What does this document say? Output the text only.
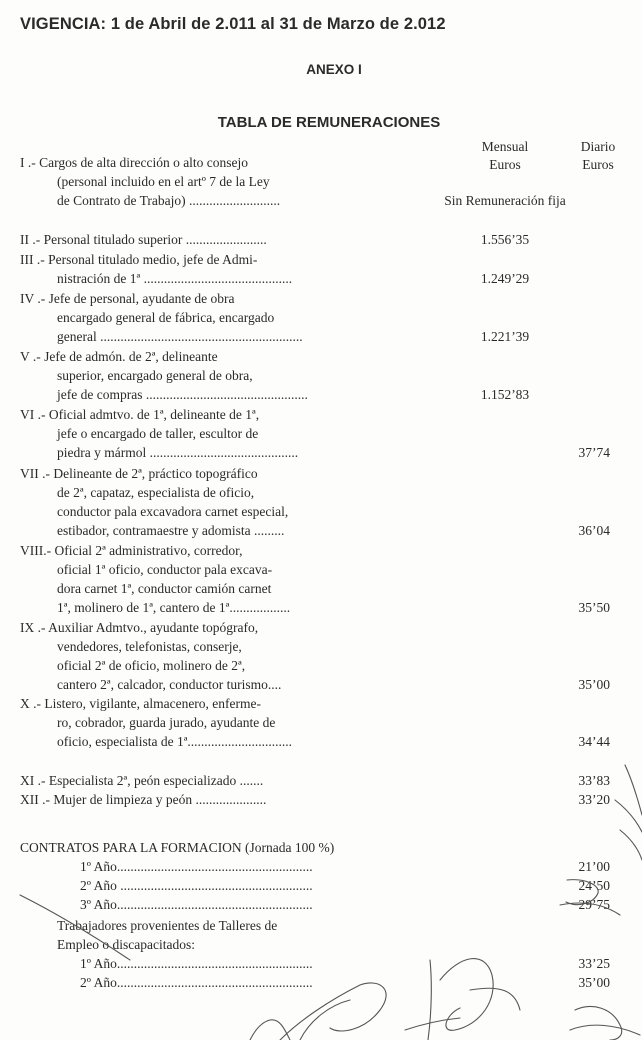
VIGENCIA: 1 de Abril de 2.011 al 31 de Marzo de 2.012
ANEXO I
TABLA DE REMUNERACIONES
Mensual
Euros
Diario
Euros
I .- Cargos de alta dirección o alto consejo
(personal incluido en el artº 7 de la Ley
de Contrato de Trabajo) ...........................	Sin Remuneración fija
II .- Personal titulado superior ........................	1.556’35
III .- Personal titulado medio, jefe de Admi-
nistración de 1ª ............................................	1.249’29
IV .- Jefe de personal, ayudante de obra
encargado general de fábrica, encargado
general ............................................................	1.221’39
V .- Jefe de admón. de 2ª, delineante
superior, encargado general de obra,
jefe de compras ................................................	1.152’83
VI .- Oficial admtvo. de 1ª, delineante de 1ª,
jefe o encargado de taller, escultor de
piedra y mármol ............................................	37’74
VII .- Delineante de 2ª, práctico topográfico
de 2ª, capataz, especialista de oficio,
conductor pala excavadora carnet especial,
estibador, contramaestre y adomista .........	36’04
VIII.- Oficial 2ª administrativo, corredor,
oficial 1ª oficio, conductor pala excava-
dora carnet 1ª, conductor camión carnet
1ª, molinero de 1ª, cantero de 1ª..................	35’50
IX .- Auxiliar Admtvo., ayudante topógrafo,
vendedores, telefonistas, conserje,
oficial 2ª de oficio, molinero de 2ª,
cantero 2ª, calcador, conductor turismo....	35’00
X .- Listero, vigilante, almacenero, enferme-
ro, cobrador, guarda jurado, ayudante de
oficio, especialista de 1ª...............................	34’44
XI .- Especialista 2ª, peón especializado .......	33’83
XII .- Mujer de limpieza y peón .....................	33’20
CONTRATOS PARA LA FORMACION (Jornada 100 %)
1º Año..........................................................	21’00
2º Año .........................................................	24’50
3º Año..........................................................	29’75
Trabajadores provenientes de Talleres de
Empleo o discapacitados:
1º Año..........................................................	33’25
2º Año..........................................................	35’00
